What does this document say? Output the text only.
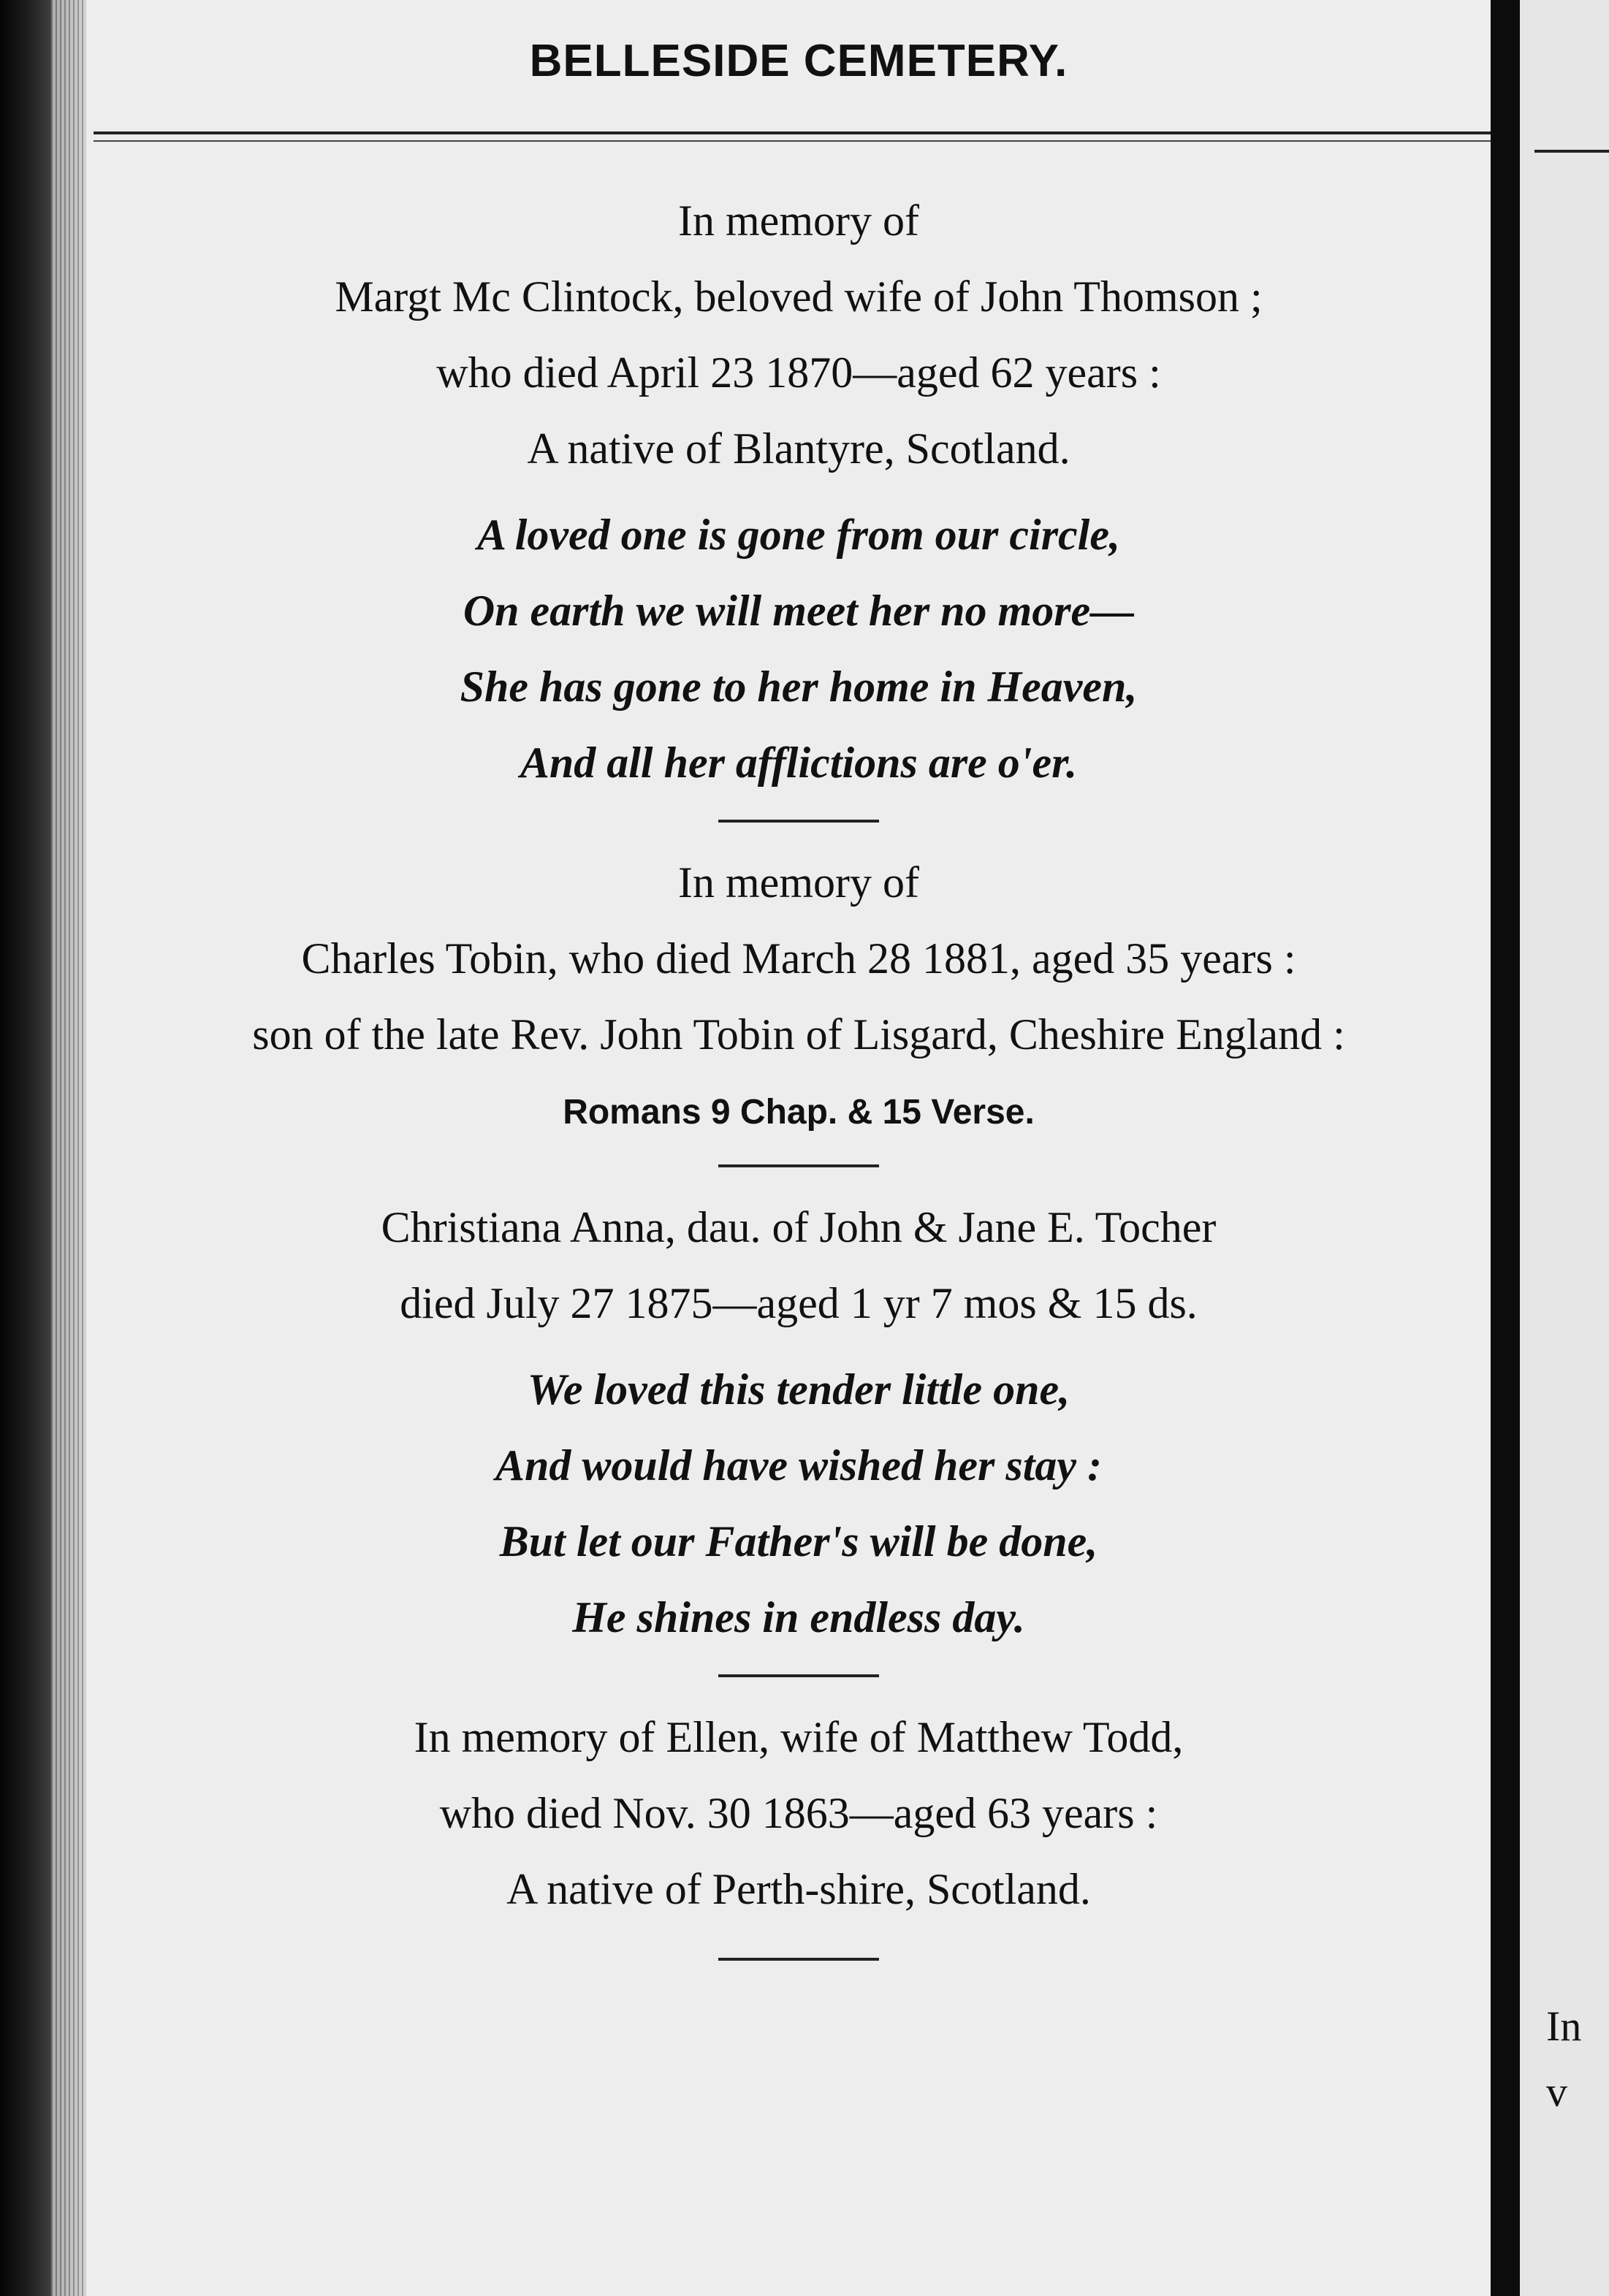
BELLESIDE CEMETERY.

In memory of

Margt Mc Clintock, beloved wife of John Thomson ;

who died April 23 1870—aged 62 years :

A native of Blantyre, Scotland.

A loved one is gone from our circle,

On earth we will meet her no more—

She has gone to her home in Heaven,

And all her afflictions are o'er.

In memory of

Charles Tobin, who died March 28 1881, aged 35 years :

son of the late Rev. John Tobin of Lisgard, Cheshire England :

Romans 9 Chap. & 15 Verse.

Christiana Anna, dau. of John & Jane E. Tocher

died July 27 1875—aged 1 yr 7 mos & 15 ds.

We loved this tender little one,

And would have wished her stay :

But let our Father's will be done,

He shines in endless day.

In memory of Ellen, wife of Matthew Todd,

who died Nov. 30 1863—aged 63 years :

A native of Perth-shire, Scotland.

In
v
